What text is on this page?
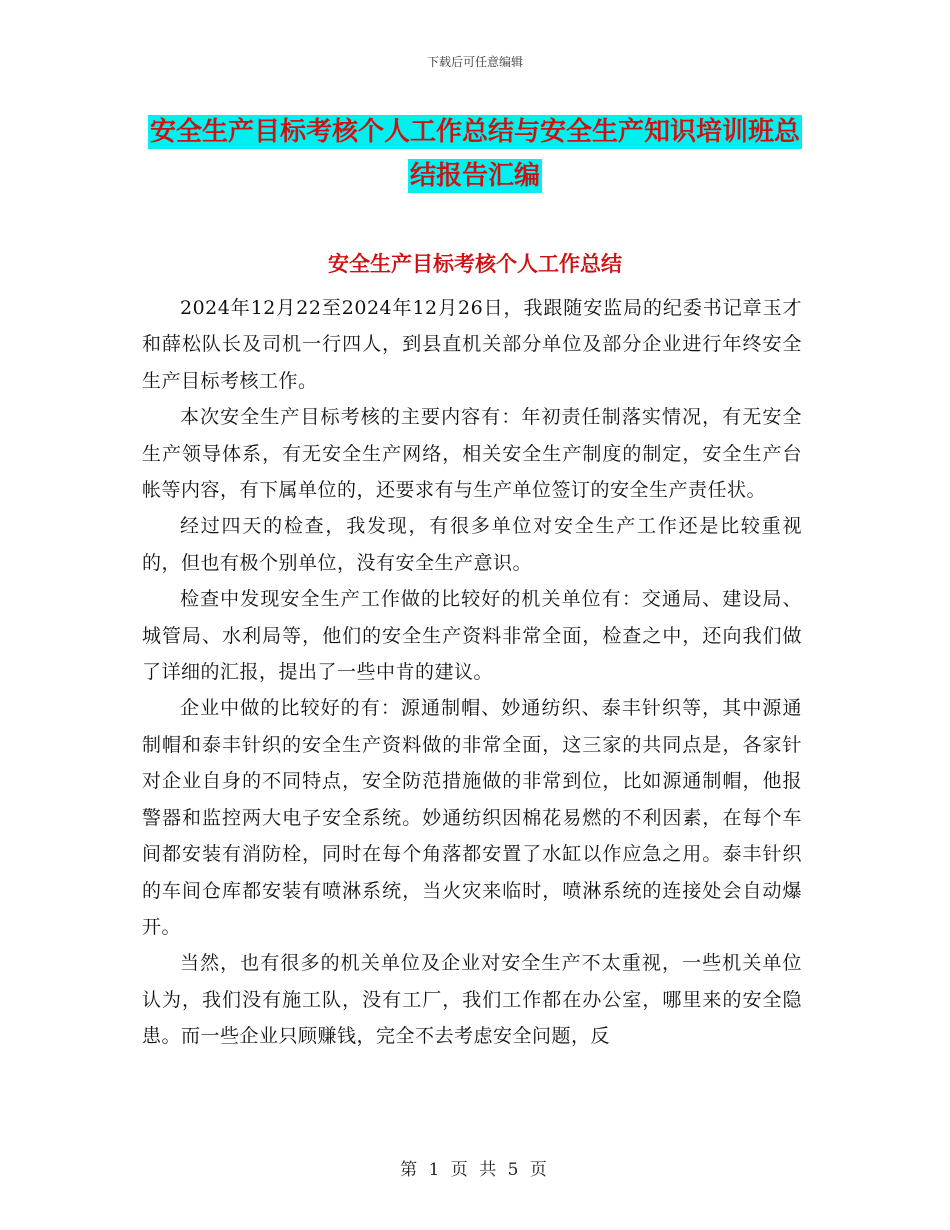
下载后可任意编辑
安全生产目标考核个人工作总结与安全生产知识培训班总结报告汇编
安全生产目标考核个人工作总结

2024年12月22至2024年12月26日，我跟随安监局的纪委书记章玉才和薛松队长及司机一行四人，到县直机关部分单位及部分企业进行年终安全生产目标考核工作。

本次安全生产目标考核的主要内容有：年初责任制落实情况，有无安全生产领导体系，有无安全生产网络，相关安全生产制度的制定，安全生产台帐等内容，有下属单位的，还要求有与生产单位签订的安全生产责任状。

经过四天的检查，我发现，有很多单位对安全生产工作还是比较重视的，但也有极个别单位，没有安全生产意识。

检查中发现安全生产工作做的比较好的机关单位有：交通局、建设局、城管局、水利局等，他们的安全生产资料非常全面，检查之中，还向我们做了详细的汇报，提出了一些中肯的建议。

企业中做的比较好的有：源通制帽、妙通纺织、泰丰针织等，其中源通制帽和泰丰针织的安全生产资料做的非常全面，这三家的共同点是，各家针对企业自身的不同特点，安全防范措施做的非常到位，比如源通制帽，他报警器和监控两大电子安全系统。妙通纺织因棉花易燃的不利因素，在每个车间都安装有消防栓，同时在每个角落都安置了水缸以作应急之用。泰丰针织的车间仓库都安装有喷淋系统，当火灾来临时，喷淋系统的连接处会自动爆开。

当然，也有很多的机关单位及企业对安全生产不太重视，一些机关单位认为，我们没有施工队，没有工厂，我们工作都在办公室，哪里来的安全隐患。而一些企业只顾赚钱，完全不去考虑安全问题，反

第 1 页 共 5 页
